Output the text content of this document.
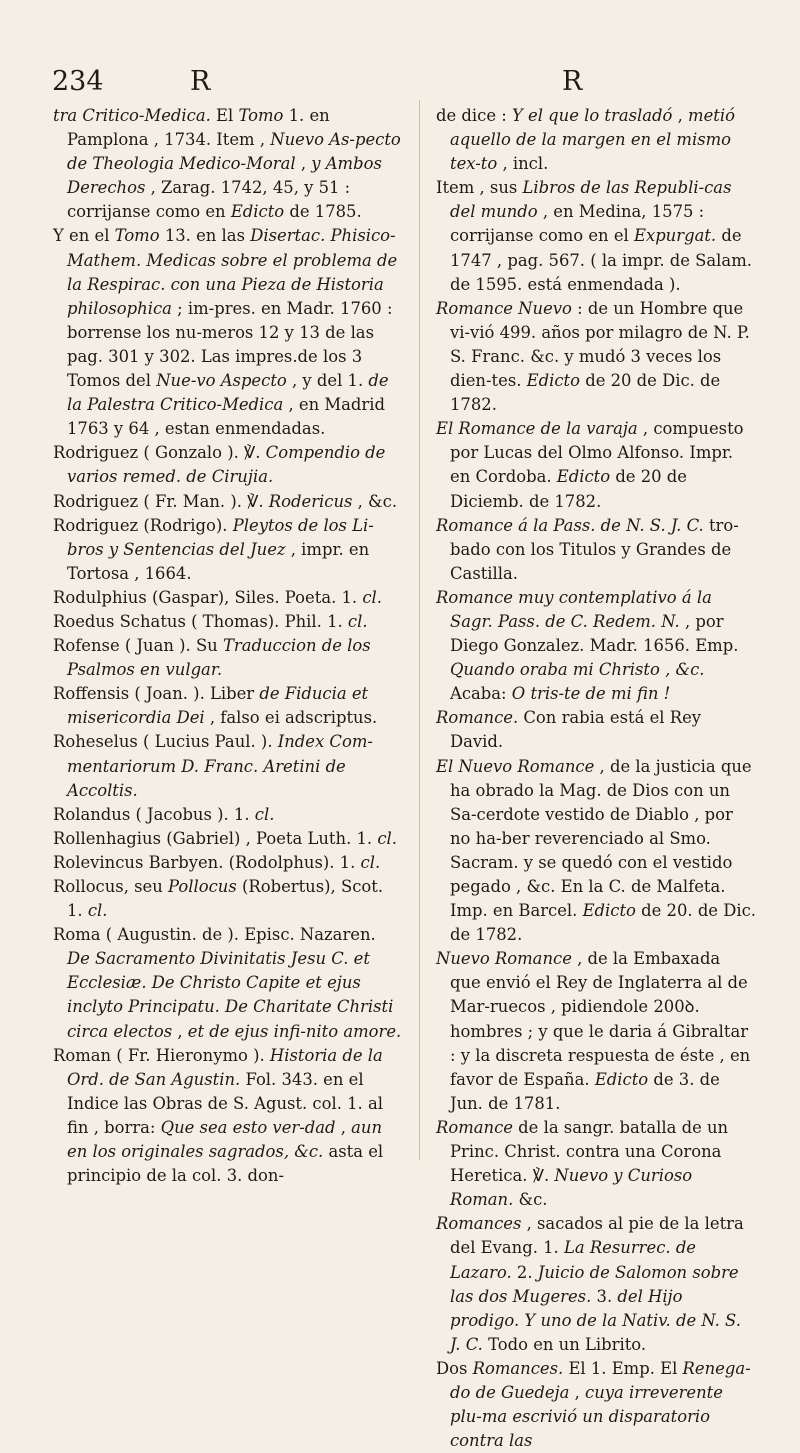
234	R	R

tra Critico-Medica. El Tomo 1. en Pamplona , 1734. Item , Nuevo As-pecto de Theologia Medico-Moral , y Ambos Derechos , Zarag. 1742, 45, y 51 : corrijanse como en Edicto de 1785.

Y en el Tomo 13. en las Disertac. Phisico-Mathem. Medicas sobre el problema de la Respirac. con una Pieza de Historia philosophica ; im-pres. en Madr. 1760 : borrense los nu-meros 12 y 13 de las pag. 301 y 302. Las impres.de los 3 Tomos del Nue-vo Aspecto , y del 1. de la Palestra Critico-Medica , en Madrid 1763 y 64 , estan enmendadas.

Rodriguez ( Gonzalo ). ℣. Compendio de varios remed. de Cirujia.

Rodriguez ( Fr. Man. ). ℣. Rodericus , &c.

Rodriguez (Rodrigo). Pleytos de los Li-bros y Sentencias del Juez , impr. en Tortosa , 1664.

Rodulphius (Gaspar), Siles. Poeta. 1. cl.

Roedus Schatus ( Thomas). Phil. 1. cl.

Rofense ( Juan ). Su Traduccion de los Psalmos en vulgar.

Roffensis ( Joan. ). Liber de Fiducia et misericordia Dei , falso ei adscriptus.

Roheselus ( Lucius Paul. ). Index Com-mentariorum D. Franc. Aretini de Accoltis.

Rolandus ( Jacobus ). 1. cl.

Rollenhagius (Gabriel) , Poeta Luth. 1. cl.

Rolevincus Barbyen. (Rodolphus). 1. cl.

Rollocus, seu Pollocus (Robertus), Scot. 1. cl.

Roma ( Augustin. de ). Episc. Nazaren. De Sacramento Divinitatis Jesu C. et Ecclesiæ. De Christo Capite et ejus inclyto Principatu. De Charitate Christi circa electos , et de ejus infi-nito amore.

Roman ( Fr. Hieronymo ). Historia de la Ord. de San Agustin. Fol. 343. en el Indice las Obras de S. Agust. col. 1. al fin , borra: Que sea esto ver-dad , aun en los originales sagrados, &c. asta el principio de la col. 3. don-

de dice : Y el que lo trasladó , metió aquello de la margen en el mismo tex-to , incl.

Item , sus Libros de las Republi-cas del mundo , en Medina, 1575 : corrijanse como en el Expurgat. de 1747 , pag. 567. ( la impr. de Salam. de 1595. está enmendada ).

Romance Nuevo : de un Hombre que vi-vió 499. años por milagro de N. P. S. Franc. &c. y mudó 3 veces los dien-tes. Edicto de 20 de Dic. de 1782.

El Romance de la varaja , compuesto por Lucas del Olmo Alfonso. Impr. en Cordoba. Edicto de 20 de Diciemb. de 1782.

Romance á la Pass. de N. S. J. C. tro-bado con los Titulos y Grandes de Castilla.

Romance muy contemplativo á la Sagr. Pass. de C. Redem. N. , por Diego Gonzalez. Madr. 1656. Emp. Quando oraba mi Christo , &c. Acaba: O tris-te de mi fin !

Romance. Con rabia está el Rey David.

El Nuevo Romance , de la justicia que ha obrado la Mag. de Dios con un Sa-cerdote vestido de Diablo , por no ha-ber reverenciado al Smo. Sacram. y se quedó con el vestido pegado , &c. En la C. de Malfeta. Imp. en Barcel. Edicto de 20. de Dic. de 1782.

Nuevo Romance , de la Embaxada que envió el Rey de Inglaterra al de Mar-ruecos , pidiendole 200ꝺ. hombres ; y que le daria á Gibraltar : y la discreta respuesta de éste , en favor de España. Edicto de 3. de Jun. de 1781.

Romance de la sangr. batalla de un Princ. Christ. contra una Corona Heretica. ℣. Nuevo y Curioso Roman. &c.

Romances , sacados al pie de la letra del Evang. 1. La Resurrec. de Lazaro. 2. Juicio de Salomon sobre las dos Mugeres. 3. del Hijo prodigo. Y uno de la Nativ. de N. S. J. C. Todo en un Librito.

Dos Romances. El 1. Emp. El Renega-do de Guedeja , cuya irreverente plu-ma escrivió un disparatorio contra las
